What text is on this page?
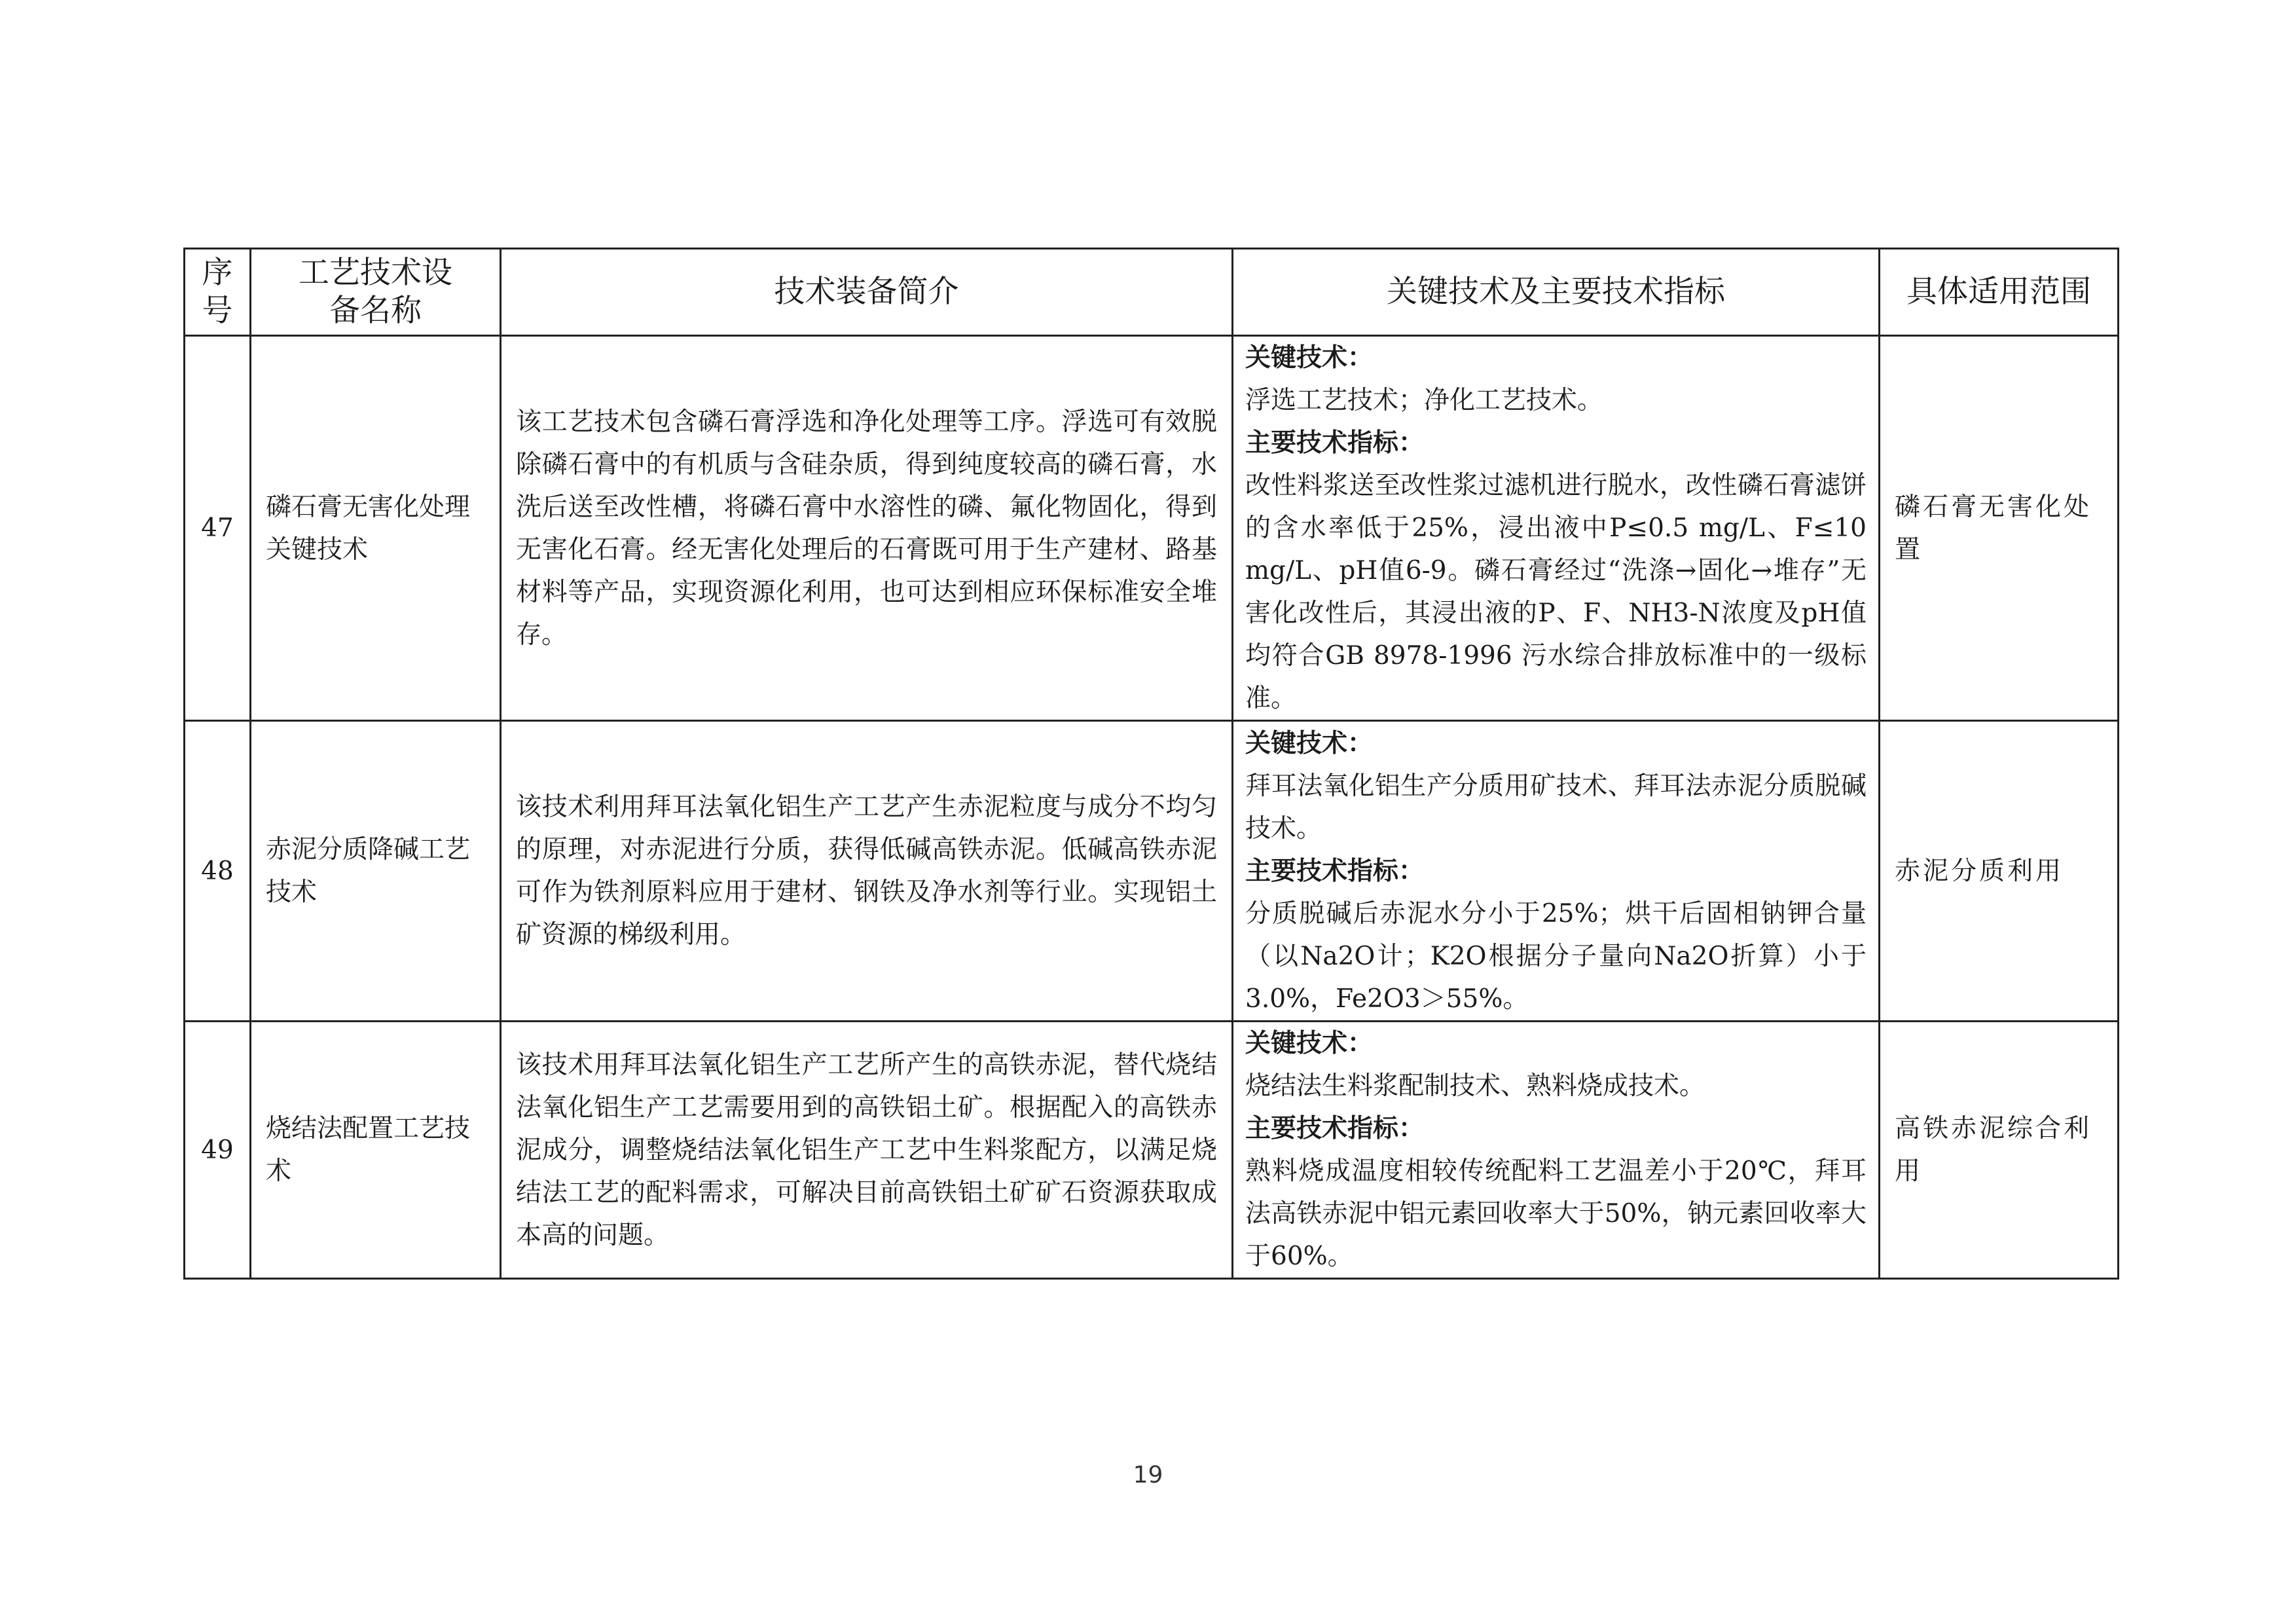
序号	工艺技术设备名称	技术装备简介	关键技术及主要技术指标	具体适用范围
47	磷石膏无害化处理关键技术	该工艺技术包含磷石膏浮选和净化处理等工序。浮选可有效脱除磷石膏中的有机质与含硅杂质，得到纯度较高的磷石膏，水洗后送至改性槽，将磷石膏中水溶性的磷、氟化物固化，得到无害化石膏。经无害化处理后的石膏既可用于生产建材、路基材料等产品，实现资源化利用，也可达到相应环保标准安全堆存。	关键技术：
浮选工艺技术；净化工艺技术。
主要技术指标：
改性料浆送至改性浆过滤机进行脱水，改性磷石膏滤饼的含水率低于25%，浸出液中P≤0.5 mg/L、F≤10 mg/L、pH值6-9。磷石膏经过“洗涤→固化→堆存”无害化改性后，其浸出液的P、F、NH3-N浓度及pH值均符合GB 8978-1996 污水综合排放标准中的一级标准。	磷石膏无害化处置
48	赤泥分质降碱工艺技术	该技术利用拜耳法氧化铝生产工艺产生赤泥粒度与成分不均匀的原理，对赤泥进行分质，获得低碱高铁赤泥。低碱高铁赤泥可作为铁剂原料应用于建材、钢铁及净水剂等行业。实现铝土矿资源的梯级利用。	关键技术：
拜耳法氧化铝生产分质用矿技术、拜耳法赤泥分质脱碱技术。
主要技术指标：
分质脱碱后赤泥水分小于25%；烘干后固相钠钾合量（以Na2O计；K2O根据分子量向Na2O折算）小于3.0%，Fe2O3＞55%。	赤泥分质利用
49	烧结法配置工艺技术	该技术用拜耳法氧化铝生产工艺所产生的高铁赤泥，替代烧结法氧化铝生产工艺需要用到的高铁铝土矿。根据配入的高铁赤泥成分，调整烧结法氧化铝生产工艺中生料浆配方，以满足烧结法工艺的配料需求，可解决目前高铁铝土矿矿石资源获取成本高的问题。	关键技术：
烧结法生料浆配制技术、熟料烧成技术。
主要技术指标：
熟料烧成温度相较传统配料工艺温差小于20℃，拜耳法高铁赤泥中铝元素回收率大于50%，钠元素回收率大于60%。	高铁赤泥综合利用
19
